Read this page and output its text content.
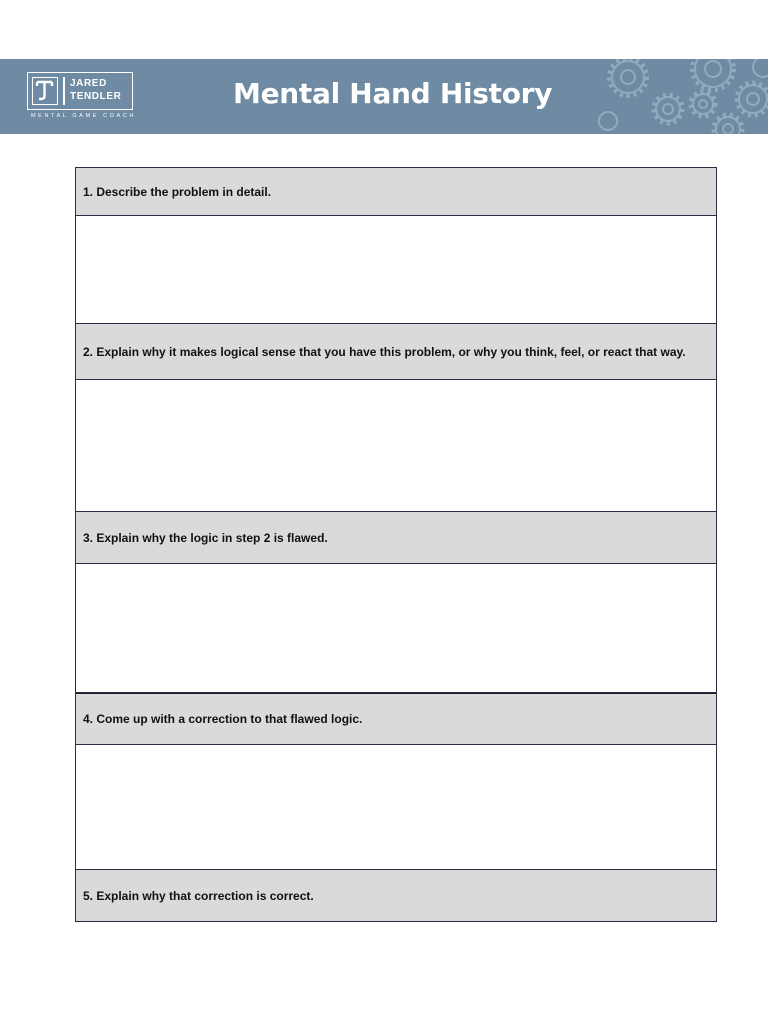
JARED
TENDLER
MENTAL GAME COACH
Mental Hand History
1. Describe the problem in detail.
2. Explain why it makes logical sense that you have this problem, or why you think, feel, or react that way.
3. Explain why the logic in step 2 is flawed.
4. Come up with a correction to that flawed logic.
5. Explain why that correction is correct.
